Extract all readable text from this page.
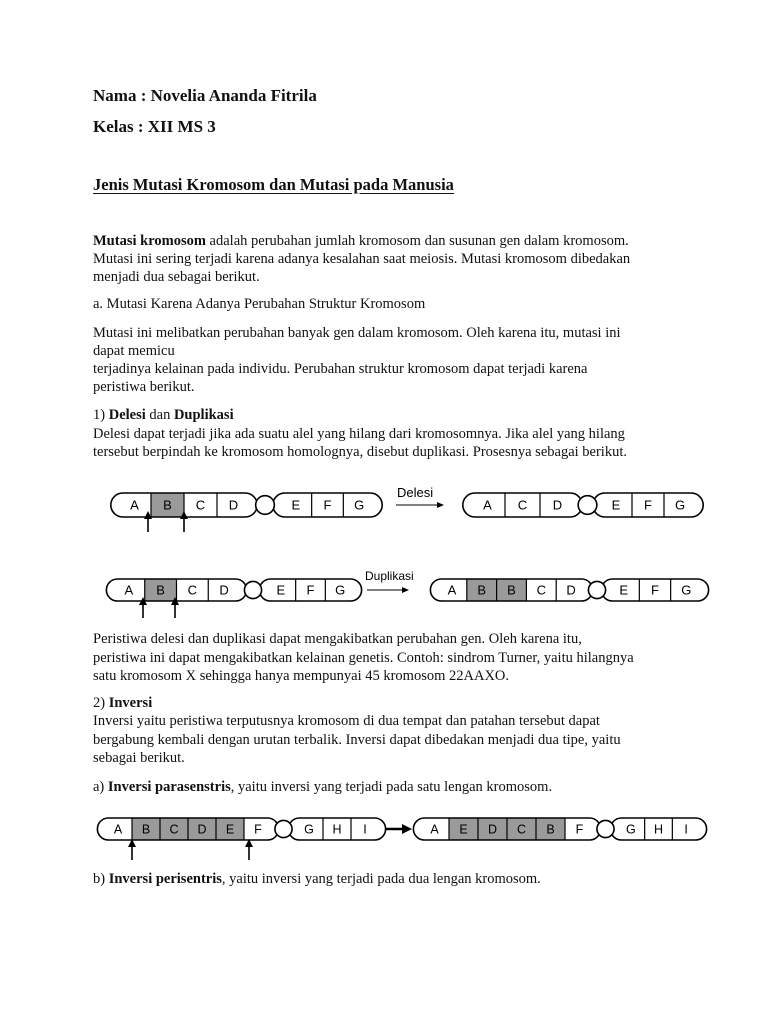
Nama : Novelia Ananda Fitrila
Kelas : XII MS 3
Jenis Mutasi Kromosom dan Mutasi pada Manusia
Mutasi kromosom adalah perubahan jumlah kromosom dan susunan gen dalam kromosom.
Mutasi ini sering terjadi karena adanya kesalahan saat meiosis. Mutasi kromosom dibedakan
menjadi dua sebagai berikut.
a. Mutasi Karena Adanya Perubahan Struktur Kromosom
Mutasi ini melibatkan perubahan banyak gen dalam kromosom. Oleh karena itu, mutasi ini
dapat memicu
terjadinya kelainan pada individu. Perubahan struktur kromosom dapat terjadi karena
peristiwa berikut.
1) Delesi dan Duplikasi
Delesi dapat terjadi jika ada suatu alel yang hilang dari kromosomnya. Jika alel yang hilang
tersebut berpindah ke kromosom homolognya, disebut duplikasi. Prosesnya sebagai berikut.
A B C D	E F G
Delesi
A C D	E F G
A B C D	E F G
Duplikasi
A B B C D	E F G
Peristiwa delesi dan duplikasi dapat mengakibatkan perubahan gen. Oleh karena itu,
peristiwa ini dapat mengakibatkan kelainan genetis. Contoh: sindrom Turner, yaitu hilangnya
satu kromosom X sehingga hanya mempunyai 45 kromosom 22AAXO.
2) Inversi
Inversi yaitu peristiwa terputusnya kromosom di dua tempat dan patahan tersebut dapat
bergabung kembali dengan urutan terbalik. Inversi dapat dibedakan menjadi dua tipe, yaitu
sebagai berikut.
a) Inversi parasenstris, yaitu inversi yang terjadi pada satu lengan kromosom.
A B C D E F	G H I	A E D C B F	G H I
b) Inversi perisentris, yaitu inversi yang terjadi pada dua lengan kromosom.
